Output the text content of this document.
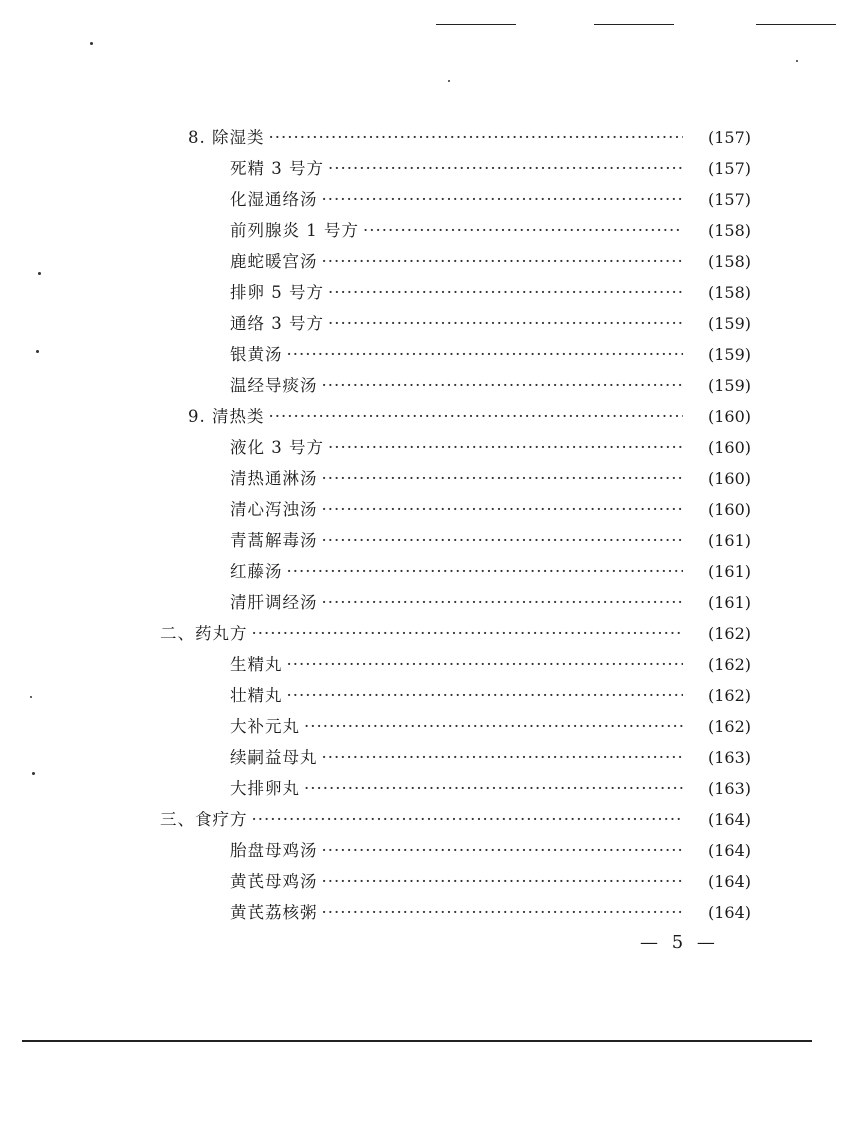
8. 除湿类 ·····	(157)
死精 3 号方 ·····	(157)
化湿通络汤 ·····	(157)
前列腺炎 1 号方 ·····	(158)
鹿蛇暖宫汤 ·····	(158)
排卵 5 号方 ·····	(158)
通络 3 号方 ·····	(159)
银黄汤 ·····	(159)
温经导痰汤 ·····	(159)
9. 清热类 ·····	(160)
液化 3 号方 ·····	(160)
清热通淋汤 ·····	(160)
清心泻浊汤 ·····	(160)
青蒿解毒汤 ·····	(161)
红藤汤 ·····	(161)
清肝调经汤 ·····	(161)
二、药丸方 ·····	(162)
生精丸 ·····	(162)
壮精丸 ·····	(162)
大补元丸 ·····	(162)
续嗣益母丸 ·····	(163)
大排卵丸 ·····	(163)
三、食疗方 ·····	(164)
胎盘母鸡汤 ·····	(164)
黄芪母鸡汤 ·····	(164)
黄芪荔核粥 ·····	(164)
— 5 —
